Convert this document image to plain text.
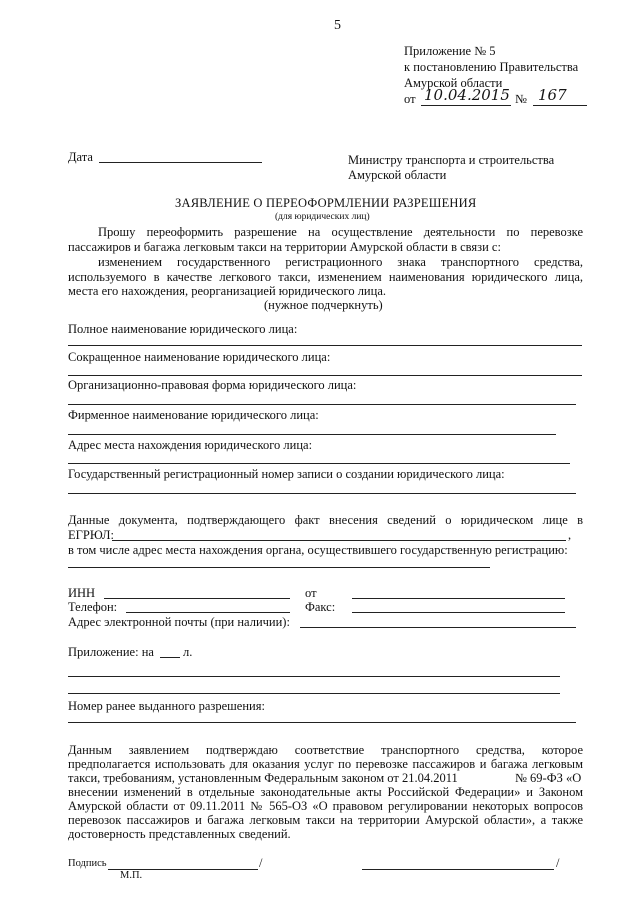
5
Приложение № 5
к постановлению Правительства
Амурской области
от 10.04.2015 № 167
Дата	Министру транспорта и строительства
Амурской области
ЗАЯВЛЕНИЕ О ПЕРЕОФОРМЛЕНИИ РАЗРЕШЕНИЯ
(для юридических лиц)
Прошу переоформить разрешение на осуществление деятельности по перевозке
пассажиров и багажа легковым такси на территории Амурской области в связи с:
изменением государственного регистрационного знака транспортного средства,
используемого в качестве легкового такси, изменением наименования юридического лица,
места его нахождения, реорганизацией юридического лица.
(нужное подчеркнуть)
Полное наименование юридического лица:
Сокращенное наименование юридического лица:
Организационно-правовая форма юридического лица:
Фирменное наименование юридического лица:
Адрес места нахождения юридического лица:
Государственный регистрационный номер записи о создании юридического лица:
Данные документа, подтверждающего факт внесения сведений о юридическом лице в
ЕГРЮЛ:	,
в том числе адрес места нахождения органа, осуществившего государственную регистрацию:
ИНН	от
Телефон:	Факс:
Адрес электронной почты (при наличии):
Приложение: на л.
Номер ранее выданного разрешения:
Данным заявлением подтверждаю соответствие транспортного средства, которое
предполагается использовать для оказания услуг по перевозке пассажиров и багажа легковым
такси, требованиям, установленным Федеральным законом от 21.04.2011	№ 69-ФЗ «О
внесении изменений в отдельные законодательные акты Российской Федерации» и Законом
Амурской области от 09.11.2011 № 565-ОЗ «О правовом регулировании некоторых вопросов
перевозок пассажиров и багажа легковым такси на территории Амурской области», а также
достоверность представленных сведений.
Подпись	/	/
М.П.
